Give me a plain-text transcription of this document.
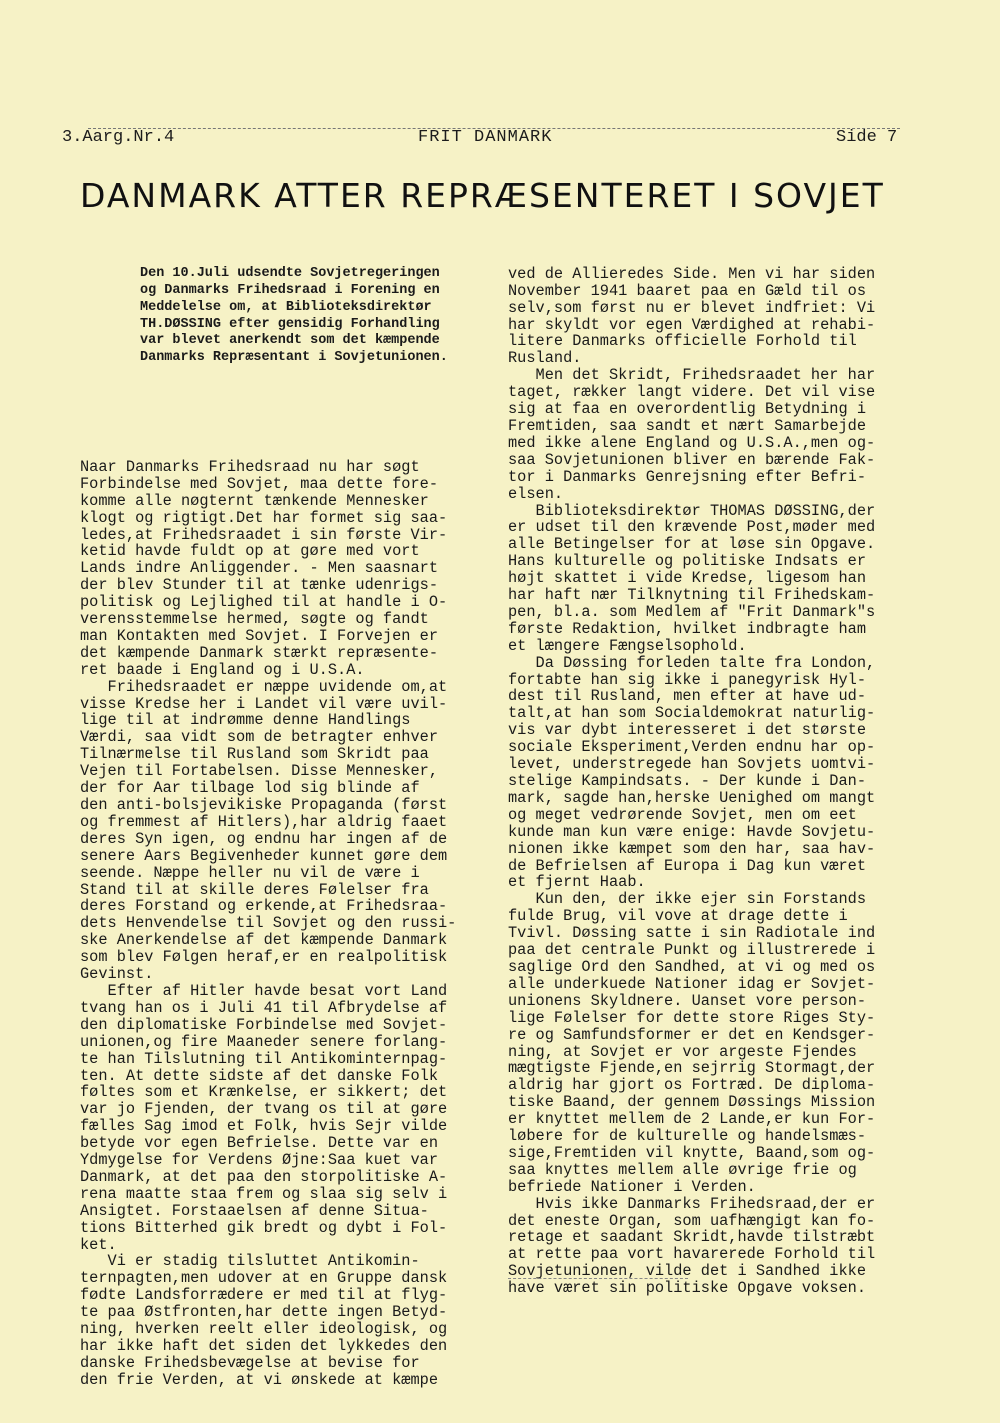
3.Aarg.Nr.4	FRIT DANMARK	Side 7
DANMARK ATTER REPRÆSENTERET I SOVJET

Den 10.Juli udsendte Sovjetregeringen
og Danmarks Frihedsraad i Forening en
Meddelelse om, at Biblioteksdirektør
TH.DØSSING efter gensidig Forhandling
var blevet anerkendt som det kæmpende
Danmarks Repræsentant i Sovjetunionen.

Naar Danmarks Frihedsraad nu har søgt
Forbindelse med Sovjet, maa dette fore-
komme alle nøgternt tænkende Mennesker
klogt og rigtigt.Det har formet sig saa-
ledes,at Frihedsraadet i sin første Vir-
ketid havde fuldt op at gøre med vort
Lands indre Anliggender. - Men saasnart
der blev Stunder til at tænke udenrigs-
politisk og Lejlighed til at handle i O-
verensstemmelse hermed, søgte og fandt
man Kontakten med Sovjet. I Forvejen er
det kæmpende Danmark stærkt repræsente-
ret baade i England og i U.S.A.
Frihedsraadet er næppe uvidende om,at
visse Kredse her i Landet vil være uvil-
lige til at indrømme denne Handlings
Værdi, saa vidt som de betragter enhver
Tilnærmelse til Rusland som Skridt paa
Vejen til Fortabelsen. Disse Mennesker,
der for Aar tilbage lod sig blinde af
den anti-bolsjevikiske Propaganda (først
og fremmest af Hitlers),har aldrig faaet
deres Syn igen, og endnu har ingen af de
senere Aars Begivenheder kunnet gøre dem
seende. Næppe heller nu vil de være i
Stand til at skille deres Følelser fra
deres Forstand og erkende,at Frihedsraa-
dets Henvendelse til Sovjet og den russi-
ske Anerkendelse af det kæmpende Danmark
som blev Følgen heraf,er en realpolitisk
Gevinst.
Efter af Hitler havde besat vort Land
tvang han os i Juli 41 til Afbrydelse af
den diplomatiske Forbindelse med Sovjet-
unionen,og fire Maaneder senere forlang-
te han Tilslutning til Antikominternpag-
ten. At dette sidste af det danske Folk
føltes som et Krænkelse, er sikkert; det
var jo Fjenden, der tvang os til at gøre
fælles Sag imod et Folk, hvis Sejr vilde
betyde vor egen Befrielse. Dette var en
Ydmygelse for Verdens Øjne:Saa kuet var
Danmark, at det paa den storpolitiske A-
rena maatte staa frem og slaa sig selv i
Ansigtet. Forstaaelsen af denne Situa-
tions Bitterhed gik bredt og dybt i Fol-
ket.
Vi er stadig tilsluttet Antikomin-
ternpagten,men udover at en Gruppe dansk
fødte Landsforrædere er med til at flyg-
te paa Østfronten,har dette ingen Betyd-
ning, hverken reelt eller ideologisk, og
har ikke haft det siden det lykkedes den
danske Frihedsbevægelse at bevise for
den frie Verden, at vi ønskede at kæmpe

ved de Allieredes Side. Men vi har siden
November 1941 baaret paa en Gæld til os
selv,som først nu er blevet indfriet: Vi
har skyldt vor egen Værdighed at rehabi-
litere Danmarks officielle Forhold til
Rusland.
Men det Skridt, Frihedsraadet her har
taget, rækker langt videre. Det vil vise
sig at faa en overordentlig Betydning i
Fremtiden, saa sandt et nært Samarbejde
med ikke alene England og U.S.A.,men og-
saa Sovjetunionen bliver en bærende Fak-
tor i Danmarks Genrejsning efter Befri-
elsen.
Biblioteksdirektør THOMAS DØSSING,der
er udset til den krævende Post,møder med
alle Betingelser for at løse sin Opgave.
Hans kulturelle og politiske Indsats er
højt skattet i vide Kredse, ligesom han
har haft nær Tilknytning til Frihedskam-
pen, bl.a. som Medlem af "Frit Danmark"s
første Redaktion, hvilket indbragte ham
et længere Fængselsophold.
Da Døssing forleden talte fra London,
fortabte han sig ikke i panegyrisk Hyl-
dest til Rusland, men efter at have ud-
talt,at han som Socialdemokrat naturlig-
vis var dybt interesseret i det største
sociale Eksperiment,Verden endnu har op-
levet, understregede han Sovjets uomtvi-
stelige Kampindsats. - Der kunde i Dan-
mark, sagde han,herske Uenighed om mangt
og meget vedrørende Sovjet, men om eet
kunde man kun være enige: Havde Sovjetu-
nionen ikke kæmpet som den har, saa hav-
de Befrielsen af Europa i Dag kun været
et fjernt Haab.
Kun den, der ikke ejer sin Forstands
fulde Brug, vil vove at drage dette i
Tvivl. Døssing satte i sin Radiotale ind
paa det centrale Punkt og illustrerede i
saglige Ord den Sandhed, at vi og med os
alle underkuede Nationer idag er Sovjet-
unionens Skyldnere. Uanset vore person-
lige Følelser for dette store Riges Sty-
re og Samfundsformer er det en Kendsger-
ning, at Sovjet er vor argeste Fjendes
mægtigste Fjende,en sejrrig Stormagt,der
aldrig har gjort os Fortræd. De diploma-
tiske Baand, der gennem Døssings Mission
er knyttet mellem de 2 Lande,er kun For-
løbere for de kulturelle og handelsmæs-
sige,Fremtiden vil knytte, Baand,som og-
saa knyttes mellem alle øvrige frie og
befriede Nationer i Verden.
Hvis ikke Danmarks Frihedsraad,der er
det eneste Organ, som uafhængigt kan fo-
retage et saadant Skridt,havde tilstræbt
at rette paa vort havarerede Forhold til
Sovjetunionen, vilde det i Sandhed ikke
have været sin politiske Opgave voksen.
